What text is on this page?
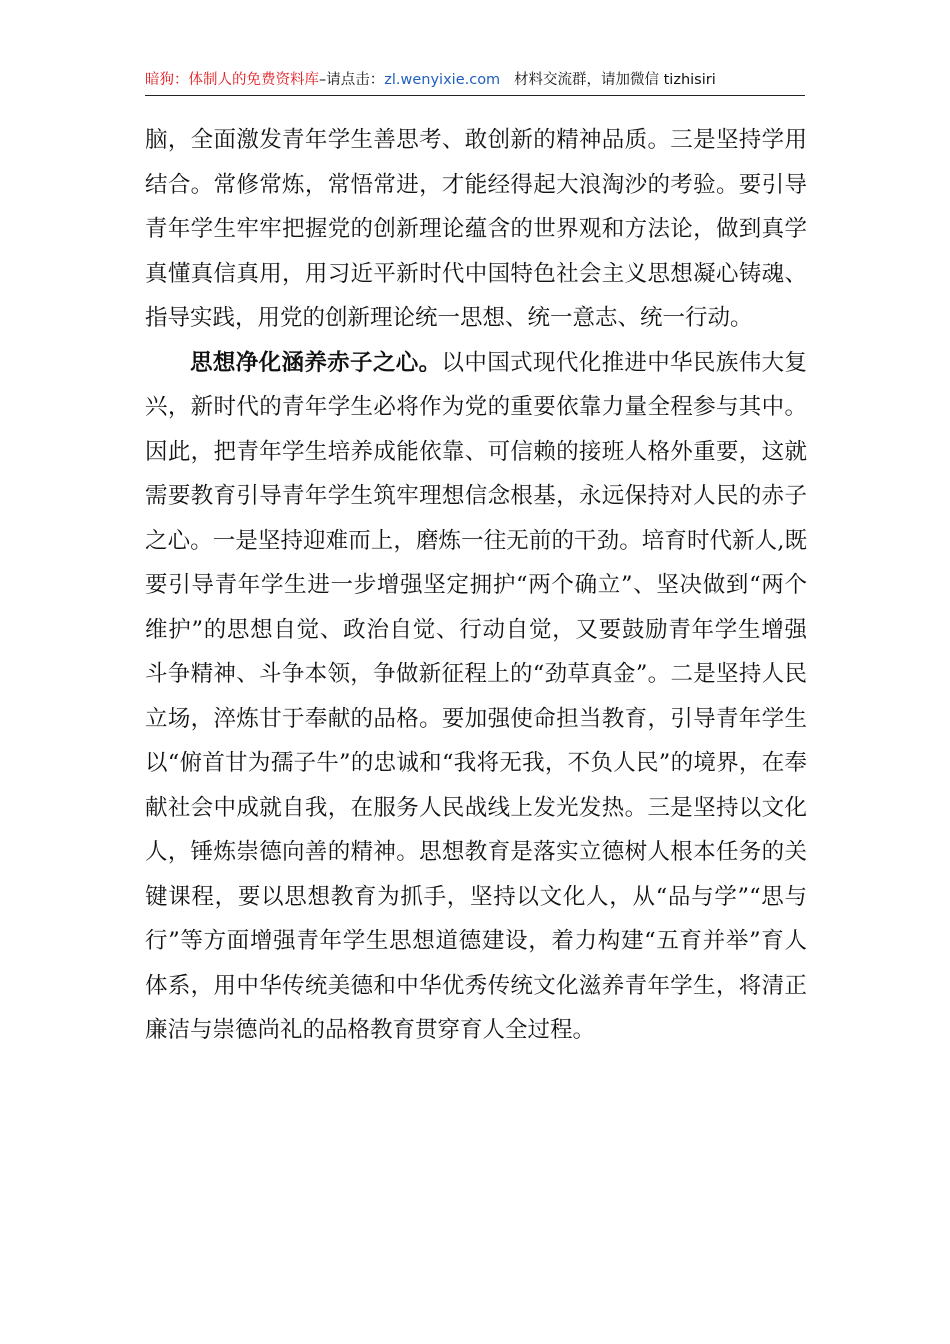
暗狗：体制人的免费资料库–请点击：zl.wenyixie.com 材料交流群，请加微信 tizhisiri

脑，全面激发青年学生善思考、敢创新的精神品质。三是坚持学用结合。常修常炼，常悟常进，才能经得起大浪淘沙的考验。要引导青年学生牢牢把握党的创新理论蕴含的世界观和方法论，做到真学真懂真信真用，用习近平新时代中国特色社会主义思想凝心铸魂、指导实践，用党的创新理论统一思想、统一意志、统一行动。

思想净化涵养赤子之心。以中国式现代化推进中华民族伟大复兴，新时代的青年学生必将作为党的重要依靠力量全程参与其中。因此，把青年学生培养成能依靠、可信赖的接班人格外重要，这就需要教育引导青年学生筑牢理想信念根基，永远保持对人民的赤子之心。一是坚持迎难而上，磨炼一往无前的干劲。培育时代新人,既要引导青年学生进一步增强坚定拥护“两个确立”、坚决做到“两个维护”的思想自觉、政治自觉、行动自觉，又要鼓励青年学生增强斗争精神、斗争本领，争做新征程上的“劲草真金”。二是坚持人民立场，淬炼甘于奉献的品格。要加强使命担当教育，引导青年学生以“俯首甘为孺子牛”的忠诚和“我将无我，不负人民”的境界，在奉献社会中成就自我，在服务人民战线上发光发热。三是坚持以文化人，锤炼崇德向善的精神。思想教育是落实立德树人根本任务的关键课程，要以思想教育为抓手，坚持以文化人，从“品与学”“思与行”等方面增强青年学生思想道德建设，着力构建“五育并举”育人体系，用中华传统美德和中华优秀传统文化滋养青年学生，将清正廉洁与崇德尚礼的品格教育贯穿育人全过程。
